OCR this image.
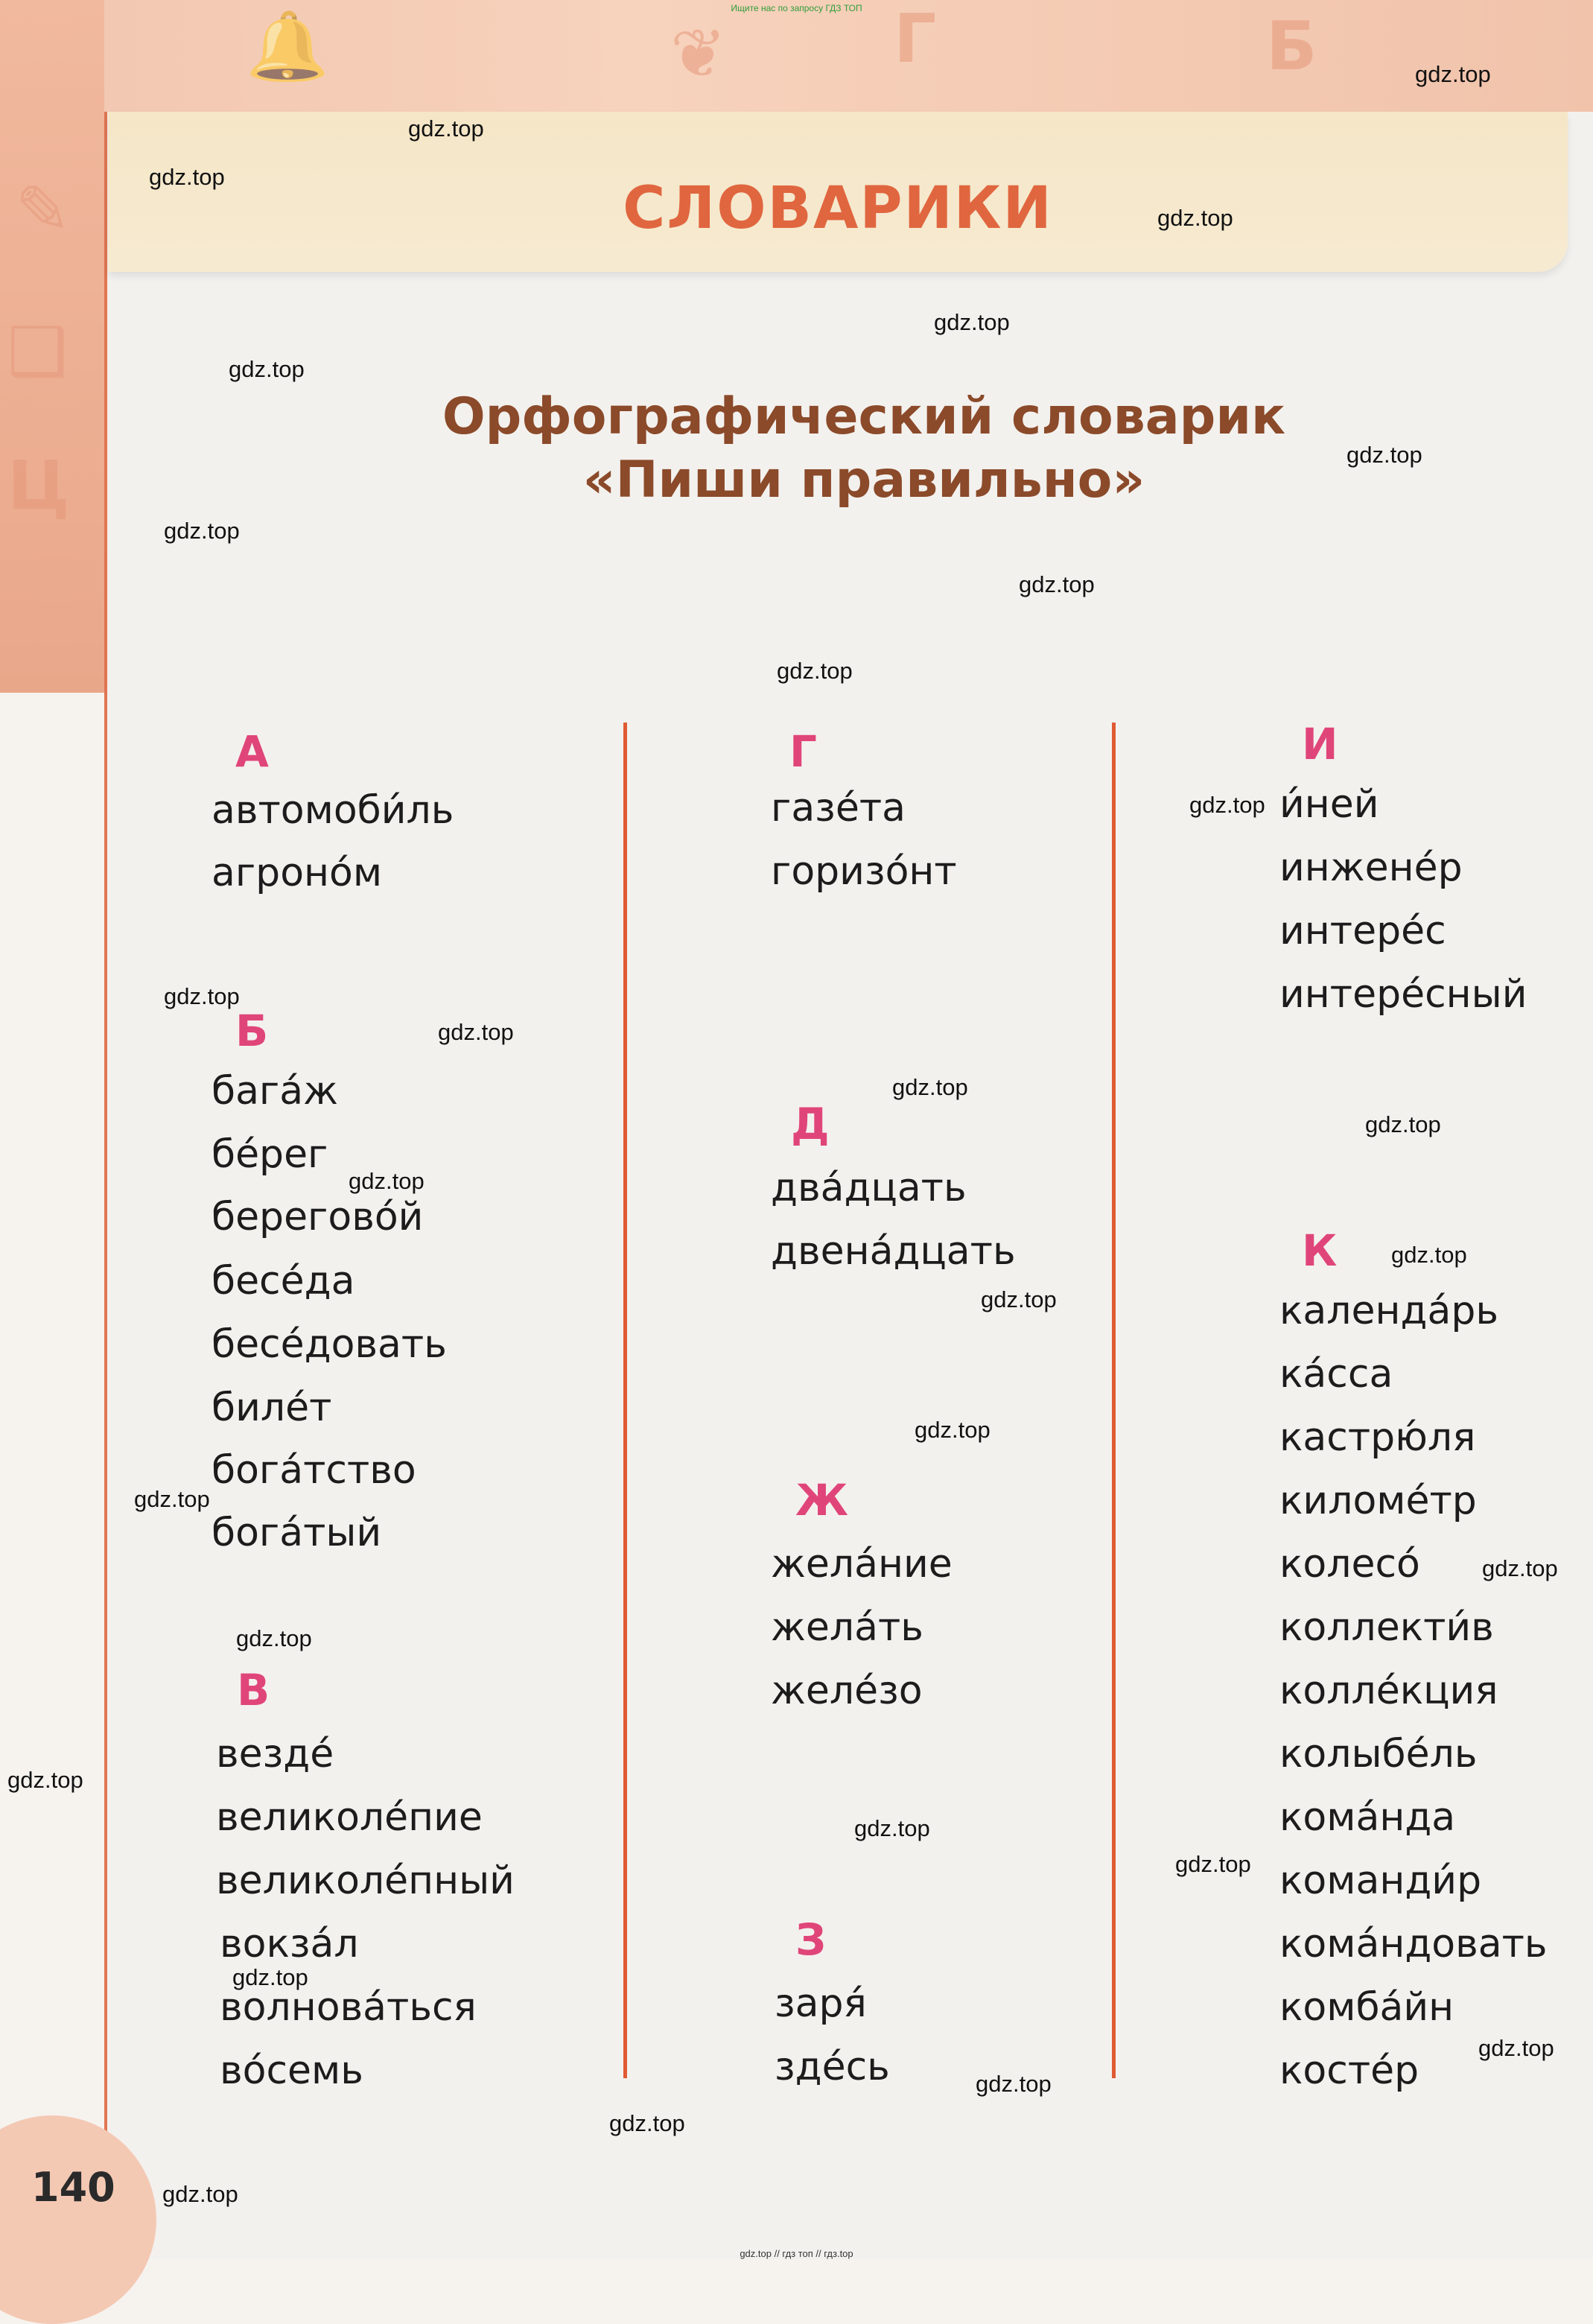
🔔	❦ Г	Б
✎
❑
Ц
Ищите нас по запросу ГДЗ ТОП
СЛОВАРИКИ
Орфографический словарик
«Пиши правильно»
А
автомоби́ль
агроно́м
Б
бага́ж
бе́рег
берегово́й
бесе́да
бесе́довать
биле́т
бога́тство
бога́тый
В
везде́
великоле́пие
великоле́пный
вокза́л
волнова́ться
во́семь
Г
газе́та
горизо́нт
Д
два́дцать
двена́дцать
Ж
жела́ние
жела́ть
желе́зо
З
заря́
зде́сь
И
и́ней
инжене́р
интере́с
интере́сный
К
календа́рь
ка́сса
кастрю́ля
киломе́тр
колесо́
коллекти́в
колле́кция
колыбе́ль
кома́нда
команди́р
кома́ндовать
комба́йн
косте́р
140
gdz.top
gdz.top
gdz.top
gdz.top
gdz.top
gdz.top
gdz.top
gdz.top
gdz.top
gdz.top
gdz.top
gdz.top
gdz.top
gdz.top
gdz.top
gdz.top
gdz.top
gdz.top
gdz.top
gdz.top
gdz.top
gdz.top
gdz.top
gdz.top
gdz.top
gdz.top
gdz.top
gdz.top
gdz.top
gdz.top
gdz.top // гдз топ // гдз.top
